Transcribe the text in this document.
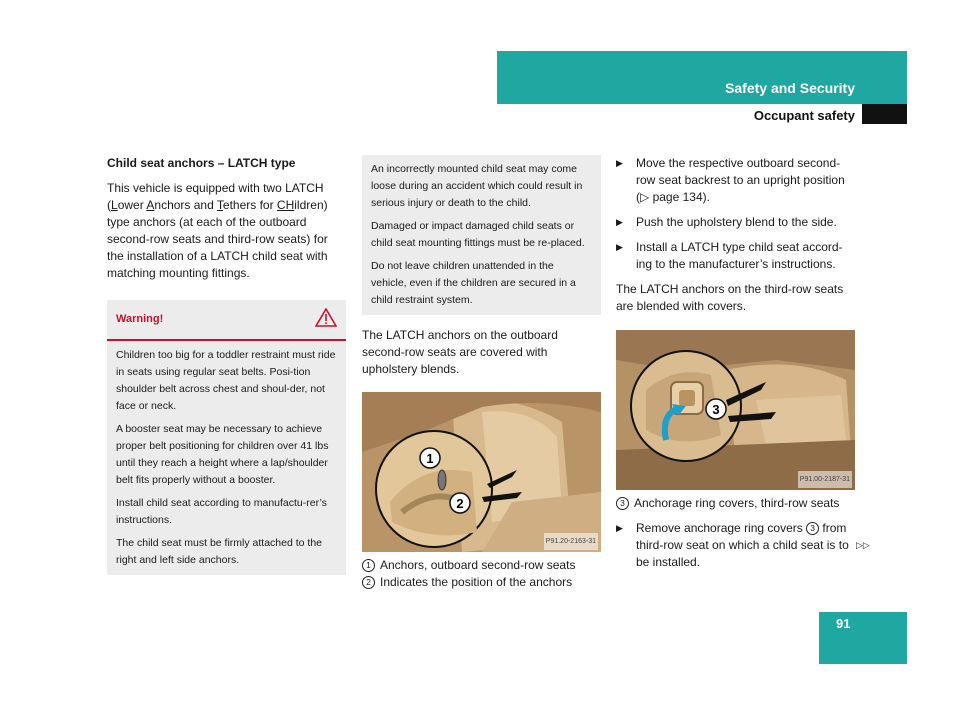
Safety and Security
Occupant safety

Child seat anchors – LATCH type

This vehicle is equipped with two LATCH (Lower Anchors and Tethers for CHildren) type anchors (at each of the outboard second-row seats and third-row seats) for the installation of a LATCH child seat with matching mounting fittings.

Warning!

Children too big for a toddler restraint must ride in seats using regular seat belts. Posi-tion shoulder belt across chest and shoul-der, not face or neck.

A booster seat may be necessary to achieve proper belt positioning for children over 41 lbs until they reach a height where a lap/shoulder belt fits properly without a booster.

Install child seat according to manufactu-rer’s instructions.

The child seat must be firmly attached to the right and left side anchors.

An incorrectly mounted child seat may come loose during an accident which could result in serious injury or death to the child.

Damaged or impact damaged child seats or child seat mounting fittings must be re-placed.

Do not leave children unattended in the vehicle, even if the children are secured in a child restraint system.

The LATCH anchors on the outboard second-row seats are covered with upholstery blends.

1
2
P91.20-2163-31
1 Anchors, outboard second-row seats
2 Indicates the position of the anchors
▶	Move the respective outboard second-row seat backrest to an upright position (▷ page 134).
▶	Push the upholstery blend to the side.
▶	Install a LATCH type child seat accord-ing to the manufacturer’s instructions.

The LATCH anchors on the third-row seats are blended with covers.

3
P91.00-2187-31
3 Anchorage ring covers, third-row seats
▶	Remove anchorage ring covers 3 from third-row seat on which a child seat is to be installed.
▷▷
91
